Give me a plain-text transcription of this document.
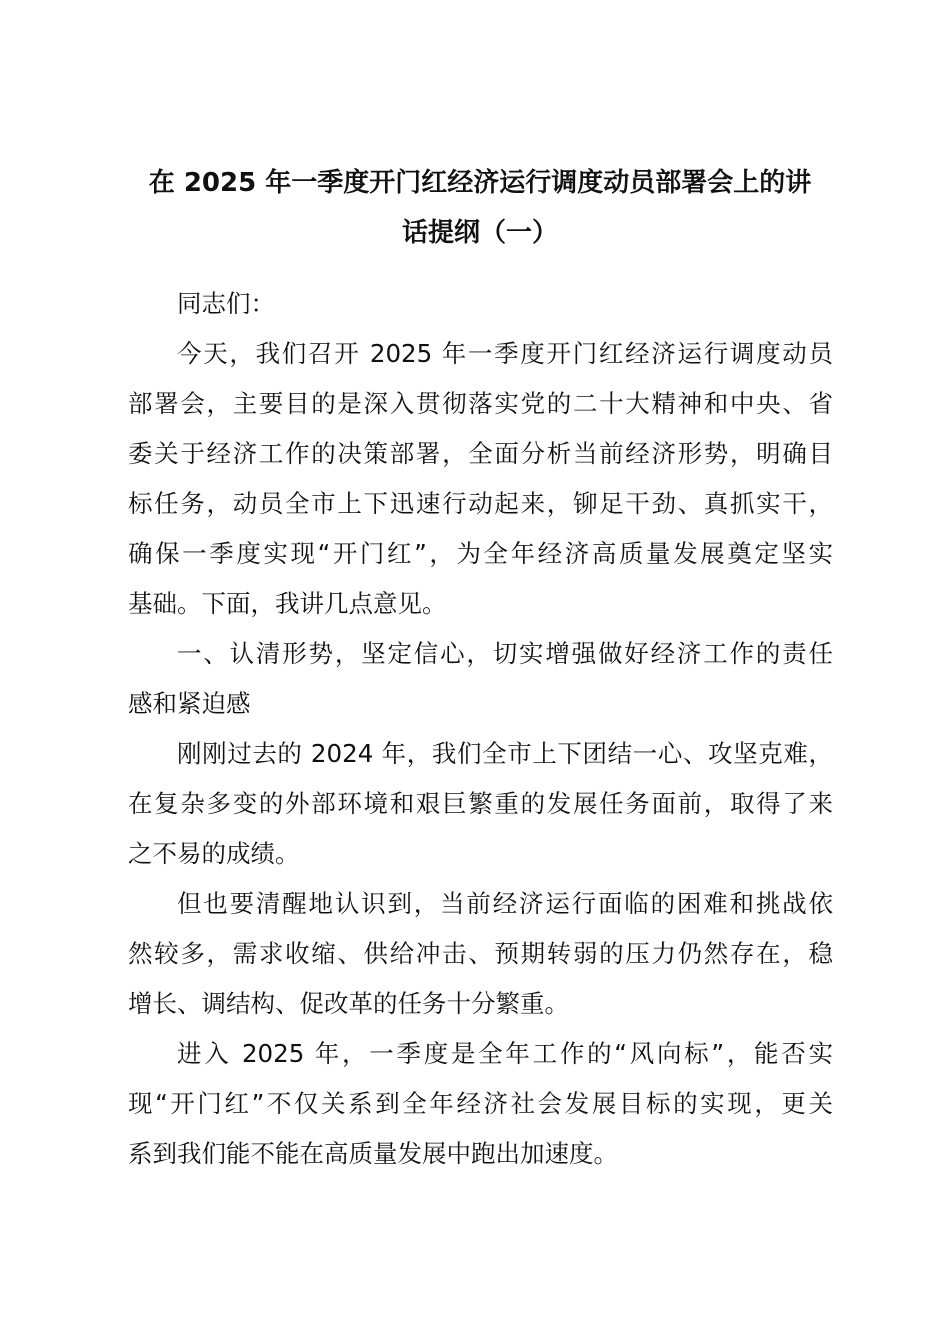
在 2025 年一季度开门红经济运行调度动员部署会上的讲
话提纲（一）

同志们：

今天，我们召开 2025 年一季度开门红经济运行调度动员
部署会，主要目的是深入贯彻落实党的二十大精神和中央、省
委关于经济工作的决策部署，全面分析当前经济形势，明确目
标任务，动员全市上下迅速行动起来，铆足干劲、真抓实干，
确保一季度实现“开门红”，为全年经济高质量发展奠定坚实
基础。下面，我讲几点意见。

一、认清形势，坚定信心，切实增强做好经济工作的责任
感和紧迫感

刚刚过去的 2024 年，我们全市上下团结一心、攻坚克难，
在复杂多变的外部环境和艰巨繁重的发展任务面前，取得了来
之不易的成绩。

但也要清醒地认识到，当前经济运行面临的困难和挑战依
然较多，需求收缩、供给冲击、预期转弱的压力仍然存在，稳
增长、调结构、促改革的任务十分繁重。

进入 2025 年，一季度是全年工作的“风向标”，能否实
现“开门红”不仅关系到全年经济社会发展目标的实现，更关
系到我们能不能在高质量发展中跑出加速度。
